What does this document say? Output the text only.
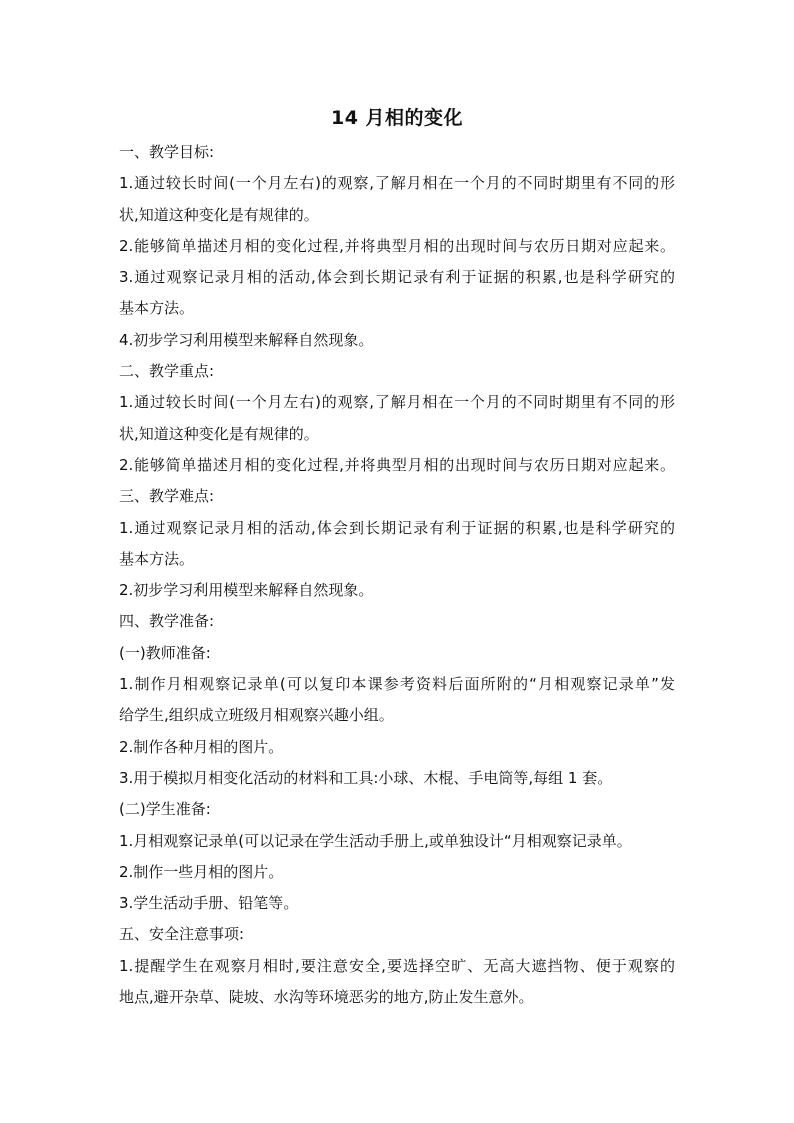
14 月相的变化

一、教学目标:

1.通过较长时间(一个月左右)的观察,了解月相在一个月的不同时期里有不同的形

状,知道这种变化是有规律的。

2.能够简单描述月相的变化过程,并将典型月相的出现时间与农历日期对应起来。

3.通过观察记录月相的活动,体会到长期记录有利于证据的积累,也是科学研究的

基本方法。

4.初步学习利用模型来解释自然现象。

二、教学重点:

1.通过较长时间(一个月左右)的观察,了解月相在一个月的不同时期里有不同的形

状,知道这种变化是有规律的。

2.能够简单描述月相的变化过程,并将典型月相的出现时间与农历日期对应起来。

三、教学难点:

1.通过观察记录月相的活动,体会到长期记录有利于证据的积累,也是科学研究的

基本方法。

2.初步学习利用模型来解释自然现象。

四、教学准备:

(一)教师准备:

1.制作月相观察记录单(可以复印本课参考资料后面所附的“月相观察记录单”发

给学生,组织成立班级月相观察兴趣小组。

2.制作各种月相的图片。

3.用于模拟月相变化活动的材料和工具:小球、木棍、手电筒等,每组 1 套。

(二)学生准备:

1.月相观察记录单(可以记录在学生活动手册上,或单独设计“月相观察记录单。

2.制作一些月相的图片。

3.学生活动手册、铅笔等。

五、安全注意事项:

1.提醒学生在观察月相时,要注意安全,要选择空旷、无高大遮挡物、便于观察的

地点,避开杂草、陡坡、水沟等环境恶劣的地方,防止发生意外。
